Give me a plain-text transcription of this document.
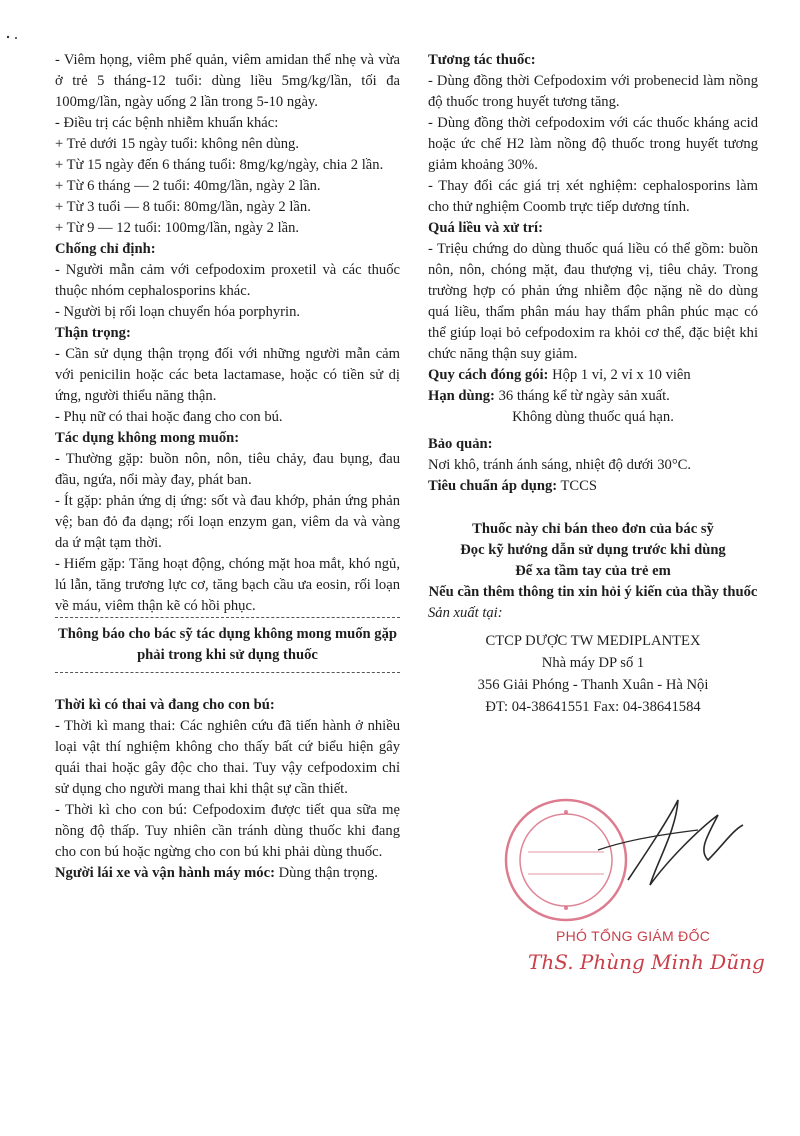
- Viêm họng, viêm phế quản, viêm amidan thể nhẹ và vừa ở trẻ 5 tháng-12 tuổi: dùng liều 5mg/kg/lần, tối đa 100mg/lần, ngày uống 2 lần trong 5-10 ngày.

- Điều trị các bệnh nhiễm khuẩn khác:

+ Trẻ dưới 15 ngày tuổi: không nên dùng.

+ Từ 15 ngày đến 6 tháng tuổi: 8mg/kg/ngày, chia 2 lần.

+ Từ 6 tháng — 2 tuổi: 40mg/lần, ngày 2 lần.

+ Từ 3 tuổi — 8 tuổi: 80mg/lần, ngày 2 lần.

+ Từ 9 — 12 tuổi: 100mg/lần, ngày 2 lần.

Chống chỉ định:

- Người mẫn cảm với cefpodoxim proxetil và các thuốc thuộc nhóm cephalosporins khác.

- Người bị rối loạn chuyển hóa porphyrin.

Thận trọng:

- Cần sử dụng thận trọng đối với những người mẫn cảm với penicilin hoặc các beta lactamase, hoặc có tiền sử dị ứng, người thiểu năng thận.

- Phụ nữ có thai hoặc đang cho con bú.

Tác dụng không mong muốn:

- Thường gặp: buồn nôn, nôn, tiêu chảy, đau bụng, đau đầu, ngứa, nổi mày đay, phát ban.

- Ít gặp: phản ứng dị ứng: sốt và đau khớp, phản ứng phản vệ; ban đỏ đa dạng; rối loạn enzym gan, viêm da và vàng da ứ mật tạm thời.

- Hiếm gặp: Tăng hoạt động, chóng mặt hoa mắt, khó ngủ, lú lẫn, tăng trương lực cơ, tăng bạch cầu ưa eosin, rối loạn về máu, viêm thận kẽ có hồi phục.

Thông báo cho bác sỹ tác dụng không mong muốn gặp phải trong khi sử dụng thuốc

Thời kì có thai và đang cho con bú:

- Thời kì mang thai: Các nghiên cứu đã tiến hành ở nhiều loại vật thí nghiệm không cho thấy bất cứ biểu hiện gây quái thai hoặc gây độc cho thai. Tuy vậy cefpodoxim chỉ sử dụng cho người mang thai khi thật sự cần thiết.

- Thời kì cho con bú: Cefpodoxim được tiết qua sữa mẹ nồng độ thấp. Tuy nhiên cần tránh dùng thuốc khi đang cho con bú hoặc ngừng cho con bú khi phải dùng thuốc.

Người lái xe và vận hành máy móc: Dùng thận trọng.

Tương tác thuốc:

- Dùng đồng thời Cefpodoxim với probenecid làm nồng độ thuốc trong huyết tương tăng.

- Dùng đồng thời cefpodoxim với các thuốc kháng acid hoặc ức chế H2 làm nồng độ thuốc trong huyết tương giảm khoảng 30%.

- Thay đổi các giá trị xét nghiệm: cephalosporins làm cho thử nghiệm Coomb trực tiếp dương tính.

Quá liều và xử trí:

- Triệu chứng do dùng thuốc quá liều có thể gồm: buồn nôn, nôn, chóng mặt, đau thượng vị, tiêu chảy. Trong trường hợp có phản ứng nhiễm độc nặng nề do dùng quá liều, thẩm phân máu hay thẩm phân phúc mạc có thể giúp loại bỏ cefpodoxim ra khỏi cơ thể, đặc biệt khi chức năng thận suy giảm.

Quy cách đóng gói: Hộp 1 vỉ, 2 vỉ x 10 viên

Hạn dùng: 36 tháng kể từ ngày sản xuất.

Không dùng thuốc quá hạn.

Bảo quản:

Nơi khô, tránh ánh sáng, nhiệt độ dưới 30°C.

Tiêu chuẩn áp dụng: TCCS

Thuốc này chỉ bán theo đơn của bác sỹ

Đọc kỹ hướng dẫn sử dụng trước khi dùng

Để xa tầm tay của trẻ em

Nếu cần thêm thông tin xin hỏi ý kiến của thầy thuốc

Sản xuất tại:

CTCP DƯỢC TW MEDIPLANTEX

Nhà máy DP số 1

356 Giải Phóng - Thanh Xuân - Hà Nội

ĐT: 04-38641551 Fax: 04-38641584

PHÓ TỔNG GIÁM ĐỐC
ThS. Phùng Minh Dũng
